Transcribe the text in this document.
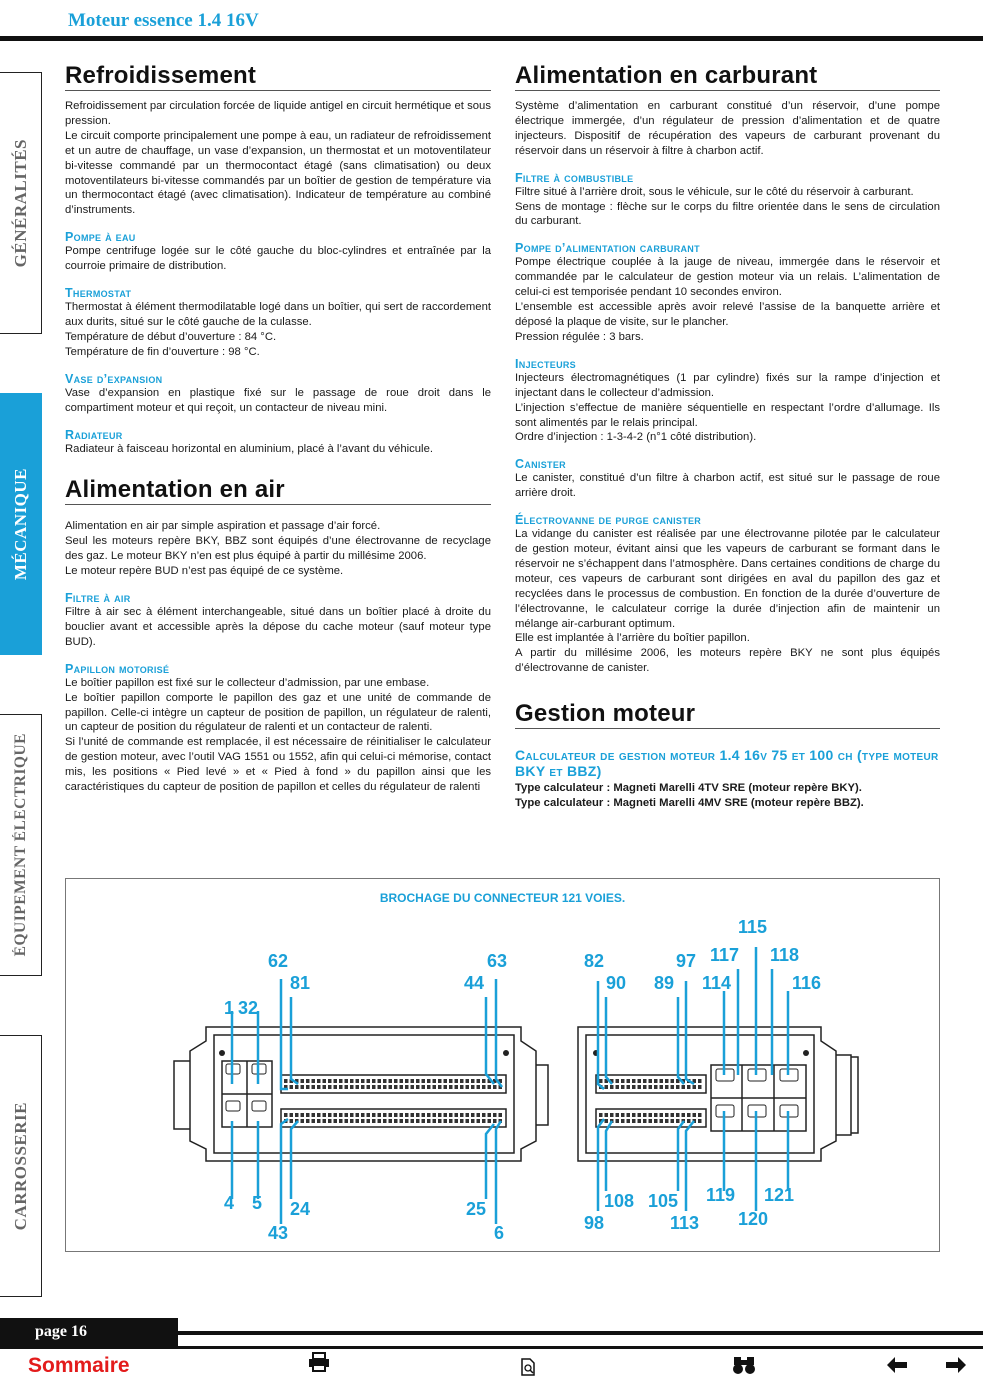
Moteur essence 1.4 16V
GÉNÉRALITÉS
MÉCANIQUE
ÉQUIPEMENT ÉLECTRIQUE
CARROSSERIE
Refroidissement

Refroidissement par circulation forcée de liquide antigel en circuit hermétique et sous pression.
Le circuit comporte principalement une pompe à eau, un radiateur de refroidissement et un autre de chauffage, un vase d’expansion, un thermostat et un motoventilateur bi-vitesse commandé par un thermocontact étagé (sans climatisation) ou deux motoventilateurs bi-vitesse commandés par un boîtier de gestion de température via un thermocontact étagé (avec climatisation). Indicateur de température au combiné d’instruments.

Pompe à eau

Pompe centrifuge logée sur le côté gauche du bloc-cylindres et entraînée par la courroie primaire de distribution.

Thermostat

Thermostat à élément thermodilatable logé dans un boîtier, qui sert de raccordement aux durits, situé sur le côté gauche de la culasse.
Température de début d’ouverture : 84 °C.
Température de fin d’ouverture : 98 °C.

Vase d’expansion

Vase d’expansion en plastique fixé sur le passage de roue droit dans le compartiment moteur et qui reçoit, un contacteur de niveau mini.

Radiateur

Radiateur à faisceau horizontal en aluminium, placé à l’avant du véhicule.

Alimentation en air

Alimentation en air par simple aspiration et passage d’air forcé.
Seul les moteurs repère BKY, BBZ sont équipés d’une électrovanne de recyclage des gaz. Le moteur BKY n’en est plus équipé à partir du millésime 2006.
Le moteur repère BUD n’est pas équipé de ce système.

Filtre à air

Filtre à air sec à élément interchangeable, situé dans un boîtier placé à droite du bouclier avant et accessible après la dépose du cache moteur (sauf moteur type BUD).

Papillon motorisé

Le boîtier papillon est fixé sur le collecteur d’admission, par une embase.
Le boîtier papillon comporte le papillon des gaz et une unité de commande de papillon. Celle-ci intègre un capteur de position de papillon, un régulateur de ralenti, un capteur de position du régulateur de ralenti et un contacteur de ralenti.
Si l’unité de commande est remplacée, il est nécessaire de réinitialiser le calculateur de gestion moteur, avec l’outil VAG 1551 ou 1552, afin qui celui-ci mémorise, contact mis, les positions « Pied levé » et « Pied à fond » du papillon ainsi que les caractéristiques du capteur de position de papillon et celles du régulateur de ralenti

Alimentation en carburant

Système d’alimentation en carburant constitué d’un réservoir, d’une pompe électrique immergée, d’un régulateur de pression d’alimentation et de quatre injecteurs. Dispositif de récupération des vapeurs de carburant provenant du réservoir dans un réservoir à filtre à charbon actif.

Filtre à combustible

Filtre situé à l’arrière droit, sous le véhicule, sur le côté du réservoir à carburant.
Sens de montage : flèche sur le corps du filtre orientée dans le sens de circulation du carburant.

Pompe d’alimentation carburant

Pompe électrique couplée à la jauge de niveau, immergée dans le réservoir et commandée par le calculateur de gestion moteur via un relais. L’alimentation de celui-ci est temporisée pendant 10 secondes environ.
L’ensemble est accessible après avoir relevé l’assise de la banquette arrière et déposé la plaque de visite, sur le plancher.
Pression régulée : 3 bars.

Injecteurs

Injecteurs électromagnétiques (1 par cylindre) fixés sur la rampe d’injection et injectant dans le collecteur d’admission.
L’injection s’effectue de manière séquentielle en respectant l’ordre d’allumage. Ils sont alimentés par le relais principal.
Ordre d’injection : 1-3-4-2 (n°1 côté distribution).

Canister

Le canister, constitué d’un filtre à charbon actif, est situé sur le passage de roue arrière droit.

Électrovanne de purge canister

La vidange du canister est réalisée par une électrovanne pilotée par le calculateur de gestion moteur, évitant ainsi que les vapeurs de carburant se formant dans le réservoir ne s’échappent dans l’atmosphère. Dans certaines conditions de charge du moteur, ces vapeurs de carburant sont dirigées en aval du papillon des gaz et recyclées dans le processus de combustion. En fonction de la durée d’ouverture de l’électrovanne, le calculateur corrige la durée d’injection afin de maintenir un mélange air-carburant optimum.
Elle est implantée à l’arrière du boîtier papillon.
A partir du millésime 2006, les moteurs repère BKY ne sont plus équipés d’électrovanne de canister.

Gestion moteur
Calculateur de gestion moteur 1.4 16v 75 et 100 ch (type moteur BKY et BBZ)

Type calculateur : Magneti Marelli 4TV SRE (moteur repère BKY).

Type calculateur : Magneti Marelli 4MV SRE (moteur repère BBZ).

BROCHAGE DU CONNECTEUR 121 VOIES.
62
81
63
44
1 32
4 5 24
43
25
6
82
90
97
89
115
117 118
114	116
108
98
105
113
119 121
120
page 16
Sommaire
